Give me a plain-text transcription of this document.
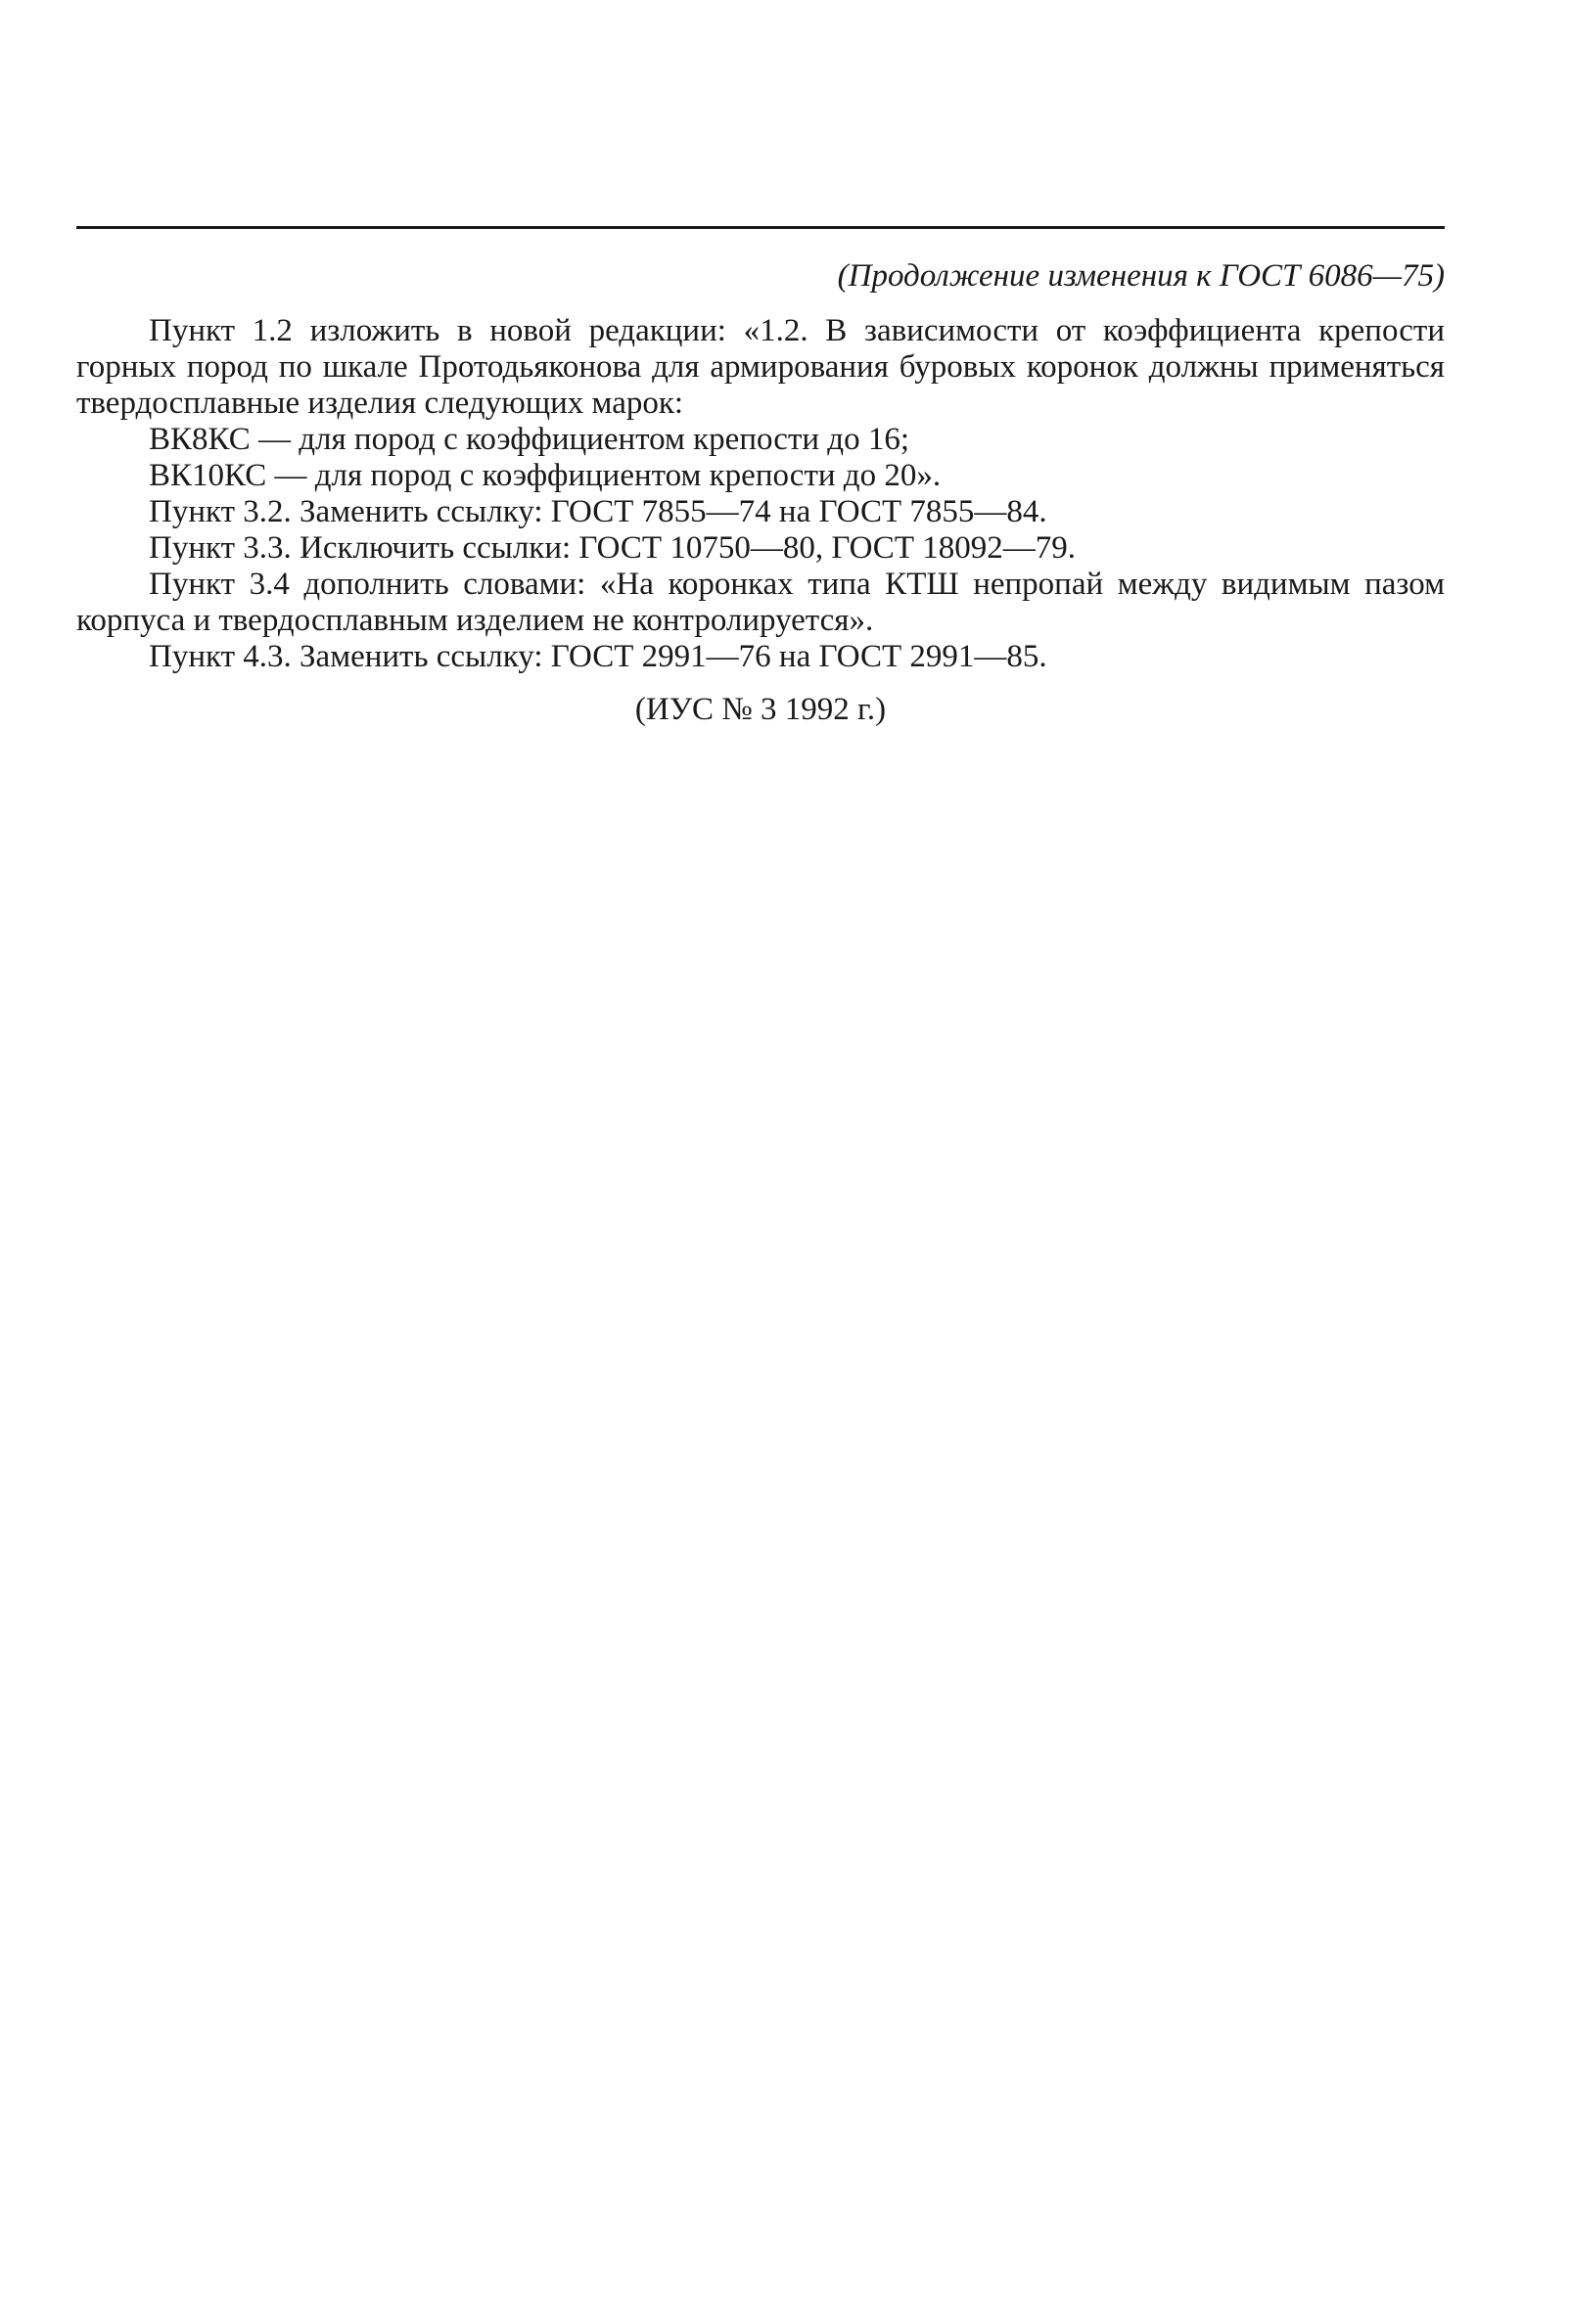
(Продолжение изменения к ГОСТ 6086—75)

Пункт 1.2 изложить в новой редакции: «1.2. В зависимости от коэффициента крепости горных пород по шкале Протодьяконова для армирования буровых коронок должны применяться твердосплавные изделия следующих марок:

ВК8КС — для пород с коэффициентом крепости до 16;

ВК10КС — для пород с коэффициентом крепости до 20».

Пункт 3.2. Заменить ссылку: ГОСТ 7855—74 на ГОСТ 7855—84.

Пункт 3.3. Исключить ссылки: ГОСТ 10750—80, ГОСТ 18092—79.

Пункт 3.4 дополнить словами: «На коронках типа КТШ непропай между видимым пазом корпуса и твердосплавным изделием не контролируется».

Пункт 4.3. Заменить ссылку: ГОСТ 2991—76 на ГОСТ 2991—85.

(ИУС № 3 1992 г.)
